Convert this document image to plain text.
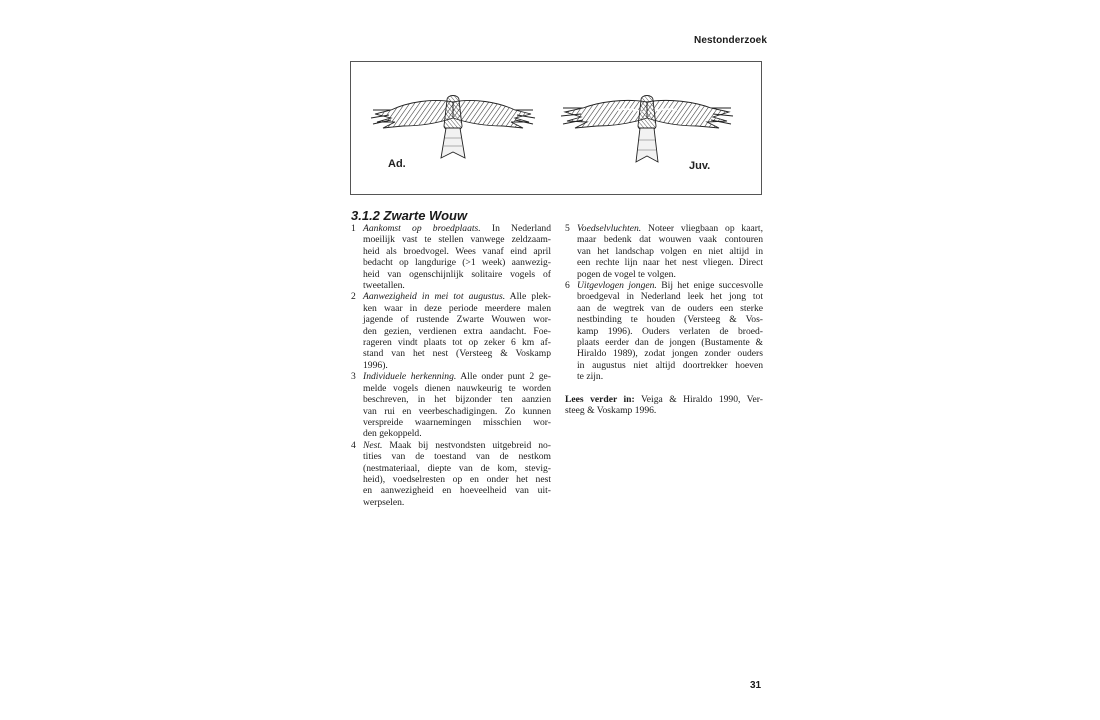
Nestonderzoek
Ad.	Juv.
3.1.2 Zwarte Wouw
1 Aankomst op broedplaats. In Nederland
moeilijk vast te stellen vanwege zeldzaam-
heid als broedvogel. Wees vanaf eind april
bedacht op langdurige (>1 week) aanwezig-
heid van ogenschijnlijk solitaire vogels of
tweetallen.
2 Aanwezigheid in mei tot augustus. Alle plek-
ken waar in deze periode meerdere malen
jagende of rustende Zwarte Wouwen wor-
den gezien, verdienen extra aandacht. Foe-
rageren vindt plaats tot op zeker 6 km af-
stand van het nest (Versteeg & Voskamp
1996).
3 Individuele herkenning. Alle onder punt 2 ge-
melde vogels dienen nauwkeurig te worden
beschreven, in het bijzonder ten aanzien
van rui en veerbeschadigingen. Zo kunnen
verspreide waarnemingen misschien wor-
den gekoppeld.
4 Nest. Maak bij nestvondsten uitgebreid no-
tities van de toestand van de nestkom
(nestmateriaal, diepte van de kom, stevig-
heid), voedselresten op en onder het nest
en aanwezigheid en hoeveelheid van uit-
werpselen.
5 Voedselvluchten. Noteer vliegbaan op kaart,
maar bedenk dat wouwen vaak contouren
van het landschap volgen en niet altijd in
een rechte lijn naar het nest vliegen. Direct
pogen de vogel te volgen.
6 Uitgevlogen jongen. Bij het enige succesvolle
broedgeval in Nederland leek het jong tot
aan de wegtrek van de ouders een sterke
nestbinding te houden (Versteeg & Vos-
kamp 1996). Ouders verlaten de broed-
plaats eerder dan de jongen (Bustamente &
Hiraldo 1989), zodat jongen zonder ouders
in augustus niet altijd doortrekker hoeven
te zijn.
Lees verder in: Veiga & Hiraldo 1990, Ver-
steeg & Voskamp 1996.
31
